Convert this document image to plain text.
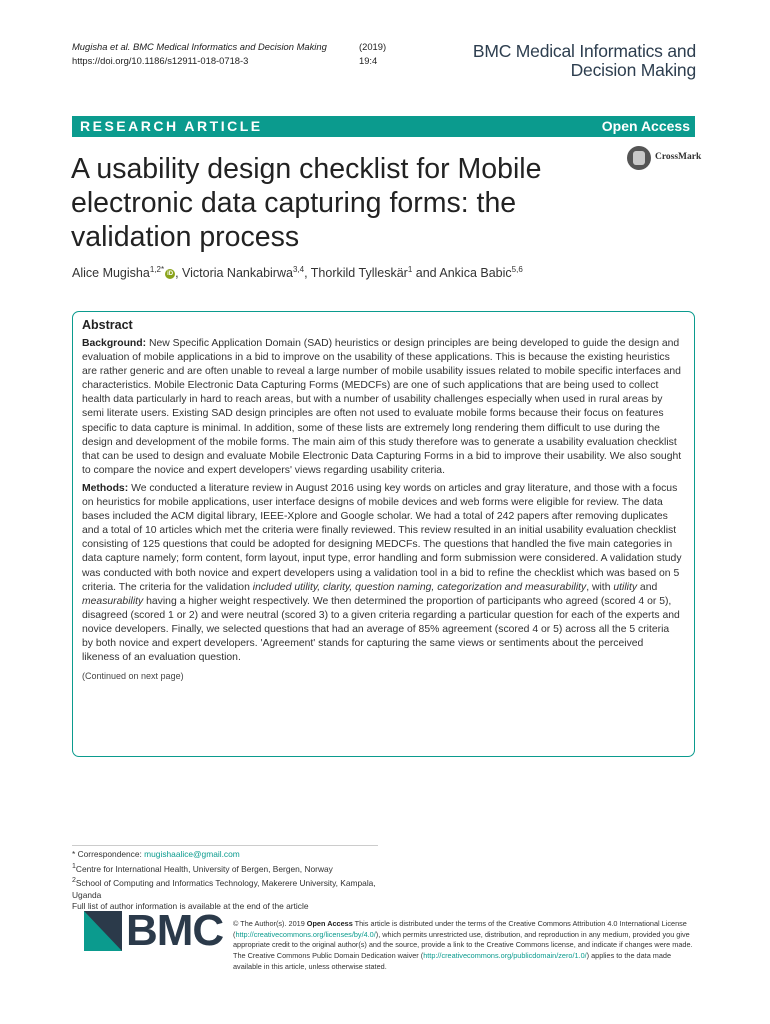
Mugisha et al. BMC Medical Informatics and Decision Making	(2019) 19:4
https://doi.org/10.1186/s12911-018-0718-3	BMC Medical Informatics and
Decision Making
RESEARCH ARTICLE	Open Access
A usability design checklist for Mobile electronic data capturing forms: the validation process
CrossMark
Alice Mugisha$^{1,2*}$ iD , Victoria Nankabirwa$^{3,4}$, Thorkild Tylleskär$^1$ and Ankica Babic$^{5,6}$
Abstract

Background: New Specific Application Domain (SAD) heuristics or design principles are being developed to guide the design and evaluation of mobile applications in a bid to improve on the usability of these applications. This is because the existing heuristics are rather generic and are often unable to reveal a large number of mobile usability issues related to mobile specific interfaces and characteristics. Mobile Electronic Data Capturing Forms (MEDCFs) are one of such applications that are being used to collect health data particularly in hard to reach areas, but with a number of usability challenges especially when used in rural areas by semi literate users. Existing SAD design principles are often not used to evaluate mobile forms because their focus on features specific to data capture is minimal. In addition, some of these lists are extremely long rendering them difficult to use during the design and development of the mobile forms. The main aim of this study therefore was to generate a usability evaluation checklist that can be used to design and evaluate Mobile Electronic Data Capturing Forms in a bid to improve their usability. We also sought to compare the novice and expert developers' views regarding usability criteria.

Methods: We conducted a literature review in August 2016 using key words on articles and gray literature, and those with a focus on heuristics for mobile applications, user interface designs of mobile devices and web forms were eligible for review. The data bases included the ACM digital library, IEEE-Xplore and Google scholar. We had a total of 242 papers after removing duplicates and a total of 10 articles which met the criteria were finally reviewed. This review resulted in an initial usability evaluation checklist consisting of 125 questions that could be adopted for designing MEDCFs. The questions that handled the five main categories in data capture namely; form content, form layout, input type, error handling and form submission were considered. A validation study was conducted with both novice and expert developers using a validation tool in a bid to refine the checklist which was based on 5 criteria. The criteria for the validation included utility, clarity, question naming, categorization and measurability, with utility and measurability having a higher weight respectively. We then determined the proportion of participants who agreed (scored 4 or 5), disagreed (scored 1 or 2) and were neutral (scored 3) to a given criteria regarding a particular question for each of the experts and novice developers. Finally, we selected questions that had an average of 85% agreement (scored 4 or 5) across all the 5 criteria by both novice and expert developers. 'Agreement' stands for capturing the same views or sentiments about the perceived likeness of an evaluation question.

(Continued on next page)
* Correspondence: mugishaalice@gmail.com
$^1$Centre for International Health, University of Bergen, Bergen, Norway
$^2$School of Computing and Informatics Technology, Makerere University, Kampala, Uganda
Full list of author information is available at the end of the article
BMC © The Author(s). 2019 Open Access This article is distributed under the terms of the Creative Commons Attribution 4.0 International License (http://creativecommons.org/licenses/by/4.0/), which permits unrestricted use, distribution, and reproduction in any medium, provided you give appropriate credit to the original author(s) and the source, provide a link to the Creative Commons license, and indicate if changes were made. The Creative Commons Public Domain Dedication waiver (http://creativecommons.org/publicdomain/zero/1.0/) applies to the data made available in this article, unless otherwise stated.
